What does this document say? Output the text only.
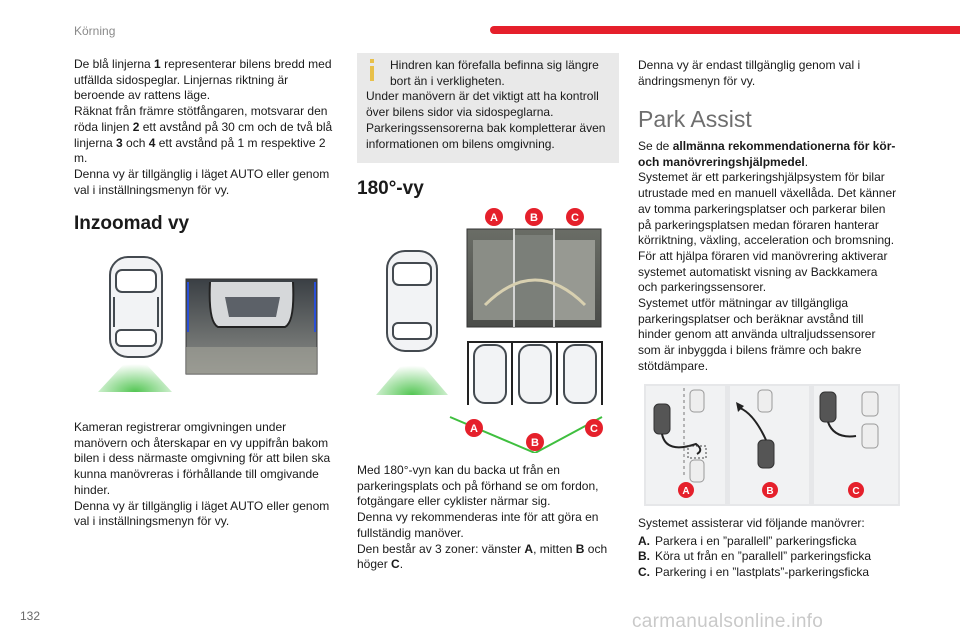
Körning

De blå linjerna 1 representerar bilens bredd med utfällda sidospeglar. Linjernas riktning är beroende av rattens läge.

Räknat från främre stötfångaren, motsvarar den röda linjen 2 ett avstånd på 30 cm och de två blå linjerna 3 och 4 ett avstånd på 1 m respektive 2 m.

Denna vy är tillgänglig i läget AUTO eller genom val i inställningsmenyn för vy.

Inzoomad vy

Kameran registrerar omgivningen under manövern och återskapar en vy uppifrån bakom bilen i dess närmaste omgivning för att bilen ska kunna manövreras i förhållande till omgivande hinder.

Denna vy är tillgänglig i läget AUTO eller genom val i inställningsmenyn för vy.

Hindren kan förefalla befinna sig längre bort än i verkligheten.
Under manövern är det viktigt att ha kontroll över bilens sidor via sidospeglarna.
Parkeringssensorerna bak kompletterar även informationen om bilens omgivning.
180°-vy
A	B	C
A
B
C

Med 180°-vyn kan du backa ut från en parkeringsplats och på förhand se om fordon, fotgängare eller cyklister närmar sig.

Denna vy rekommenderas inte för att göra en fullständig manöver.

Den består av 3 zoner: vänster A, mitten B och höger C.

Denna vy är endast tillgänglig genom val i ändringsmenyn för vy.

Park Assist

Se de allmänna rekommendationerna för kör- och manövreringshjälpmedel.

Systemet är ett parkeringshjälpsystem för bilar utrustade med en manuell växellåda. Det känner av tomma parkeringsplatser och parkerar bilen på parkeringsplatsen medan föraren hanterar körriktning, växling, acceleration och bromsning.

För att hjälpa föraren vid manövrering aktiverar systemet automatiskt visning av Backkamera och parkeringssensorer.

Systemet utför mätningar av tillgängliga parkeringsplatser och beräknar avstånd till hinder genom att använda ultraljudssensorer som är inbyggda i bilens främre och bakre stötdämpare.

A	B	C

Systemet assisterar vid följande manövrer:

A. Parkera i en ”parallell” parkeringsficka
B. Köra ut från en ”parallell” parkeringsficka
C. Parkering i en ”lastplats”-parkeringsficka
132	carmanualsonline.info
